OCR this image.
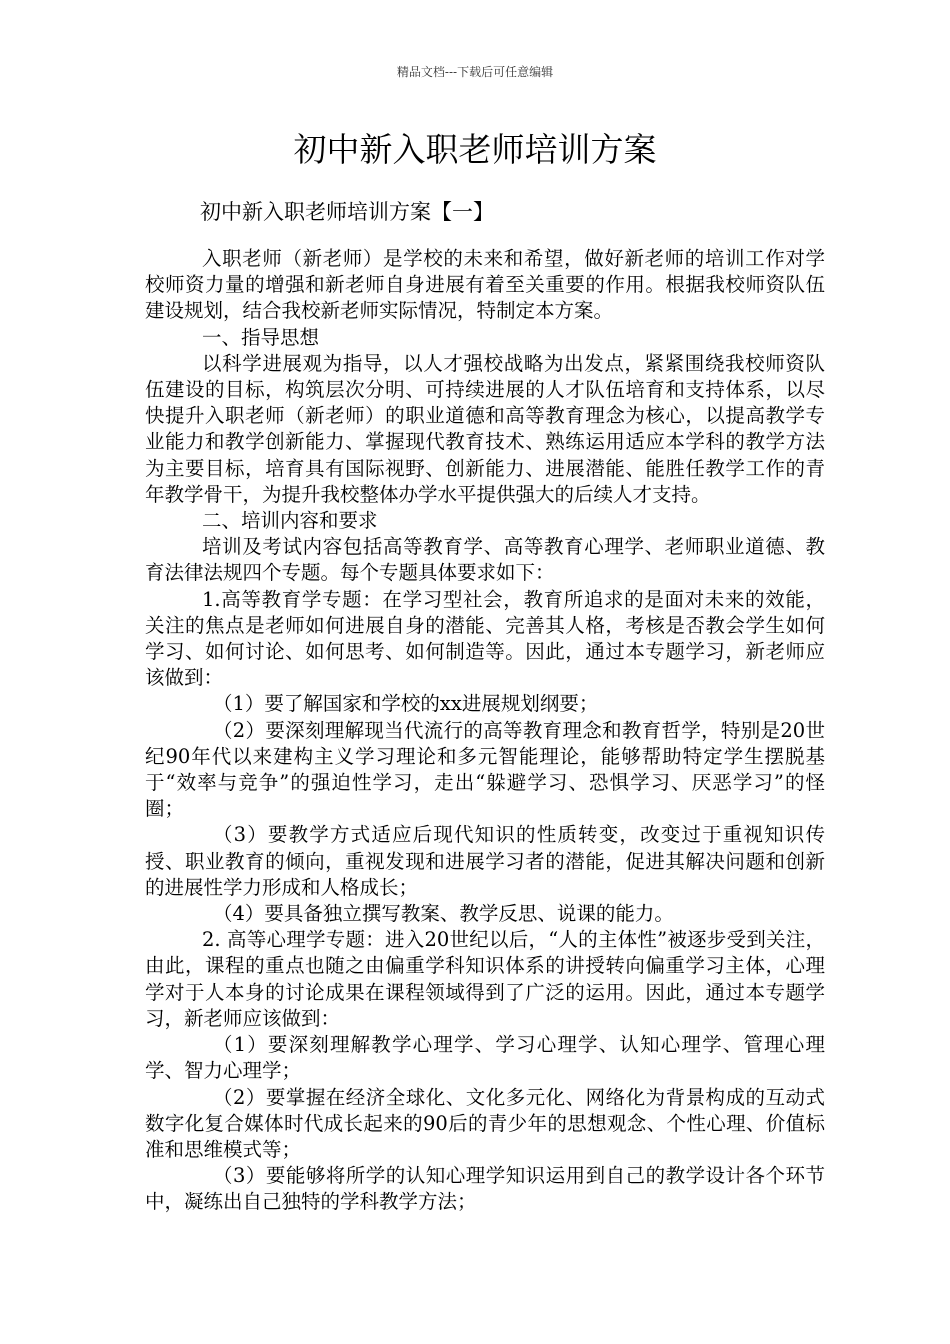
精品文档---下载后可任意编辑
初中新入职老师培训方案

初中新入职老师培训方案【一】

入职老师（新老师）是学校的未来和希望，做好新老师的培训工作对学校师资力量的增强和新老师自身进展有着至关重要的作用。根据我校师资队伍建设规划，结合我校新老师实际情况，特制定本方案。

一、指导思想

以科学进展观为指导，以人才强校战略为出发点，紧紧围绕我校师资队伍建设的目标，构筑层次分明、可持续进展的人才队伍培育和支持体系，以尽快提升入职老师（新老师）的职业道德和高等教育理念为核心，以提高教学专业能力和教学创新能力、掌握现代教育技术、熟练运用适应本学科的教学方法为主要目标，培育具有国际视野、创新能力、进展潜能、能胜任教学工作的青年教学骨干，为提升我校整体办学水平提供强大的后续人才支持。

二、培训内容和要求

培训及考试内容包括高等教育学、高等教育心理学、老师职业道德、教育法律法规四个专题。每个专题具体要求如下：

1.高等教育学专题：在学习型社会，教育所追求的是面对未来的效能，关注的焦点是老师如何进展自身的潜能、完善其人格，考核是否教会学生如何学习、如何讨论、如何思考、如何制造等。因此，通过本专题学习，新老师应该做到：

（1）要了解国家和学校的xx进展规划纲要；

（2）要深刻理解现当代流行的高等教育理念和教育哲学，特别是20世纪90年代以来建构主义学习理论和多元智能理论，能够帮助特定学生摆脱基于“效率与竞争”的强迫性学习，走出“躲避学习、恐惧学习、厌恶学习”的怪圈；

（3）要教学方式适应后现代知识的性质转变，改变过于重视知识传授、职业教育的倾向，重视发现和进展学习者的潜能，促进其解决问题和创新的进展性学力形成和人格成长；

（4）要具备独立撰写教案、教学反思、说课的能力。

2. 高等心理学专题：进入20世纪以后，“人的主体性”被逐步受到关注，由此，课程的重点也随之由偏重学科知识体系的讲授转向偏重学习主体，心理学对于人本身的讨论成果在课程领域得到了广泛的运用。因此，通过本专题学习，新老师应该做到：

（1）要深刻理解教学心理学、学习心理学、认知心理学、管理心理学、智力心理学；

（2）要掌握在经济全球化、文化多元化、网络化为背景构成的互动式数字化复合媒体时代成长起来的90后的青少年的思想观念、个性心理、价值标准和思维模式等；

（3）要能够将所学的认知心理学知识运用到自己的教学设计各个环节中，凝练出自己独特的学科教学方法；
